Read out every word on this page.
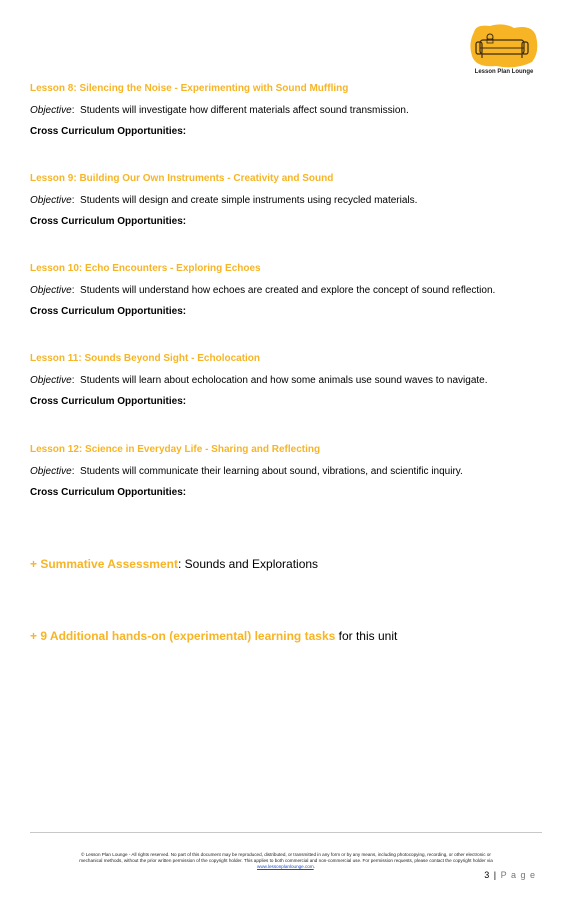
Lesson Plan Lounge
Lesson 8: Silencing the Noise - Experimenting with Sound Muffling
Objective:  Students will investigate how different materials affect sound transmission.
Cross Curriculum Opportunities:
Lesson 9: Building Our Own Instruments - Creativity and Sound
Objective:  Students will design and create simple instruments using recycled materials.
Cross Curriculum Opportunities:
Lesson 10: Echo Encounters - Exploring Echoes
Objective:  Students will understand how echoes are created and explore the concept of sound reflection.
Cross Curriculum Opportunities:
Lesson 11: Sounds Beyond Sight - Echolocation
Objective:  Students will learn about echolocation and how some animals use sound waves to navigate.
Cross Curriculum Opportunities:
Lesson 12: Science in Everyday Life - Sharing and Reflecting
Objective:  Students will communicate their learning about sound, vibrations, and scientific inquiry.
Cross Curriculum Opportunities:
+ Summative Assessment: Sounds and Explorations
+ 9 Additional hands-on (experimental) learning tasks for this unit
© Lesson Plan Lounge - All rights reserved. No part of this document may be reproduced, distributed, or transmitted in any form or by any means, including photocopying, recording, or other electronic or
mechanical methods, without the prior written permission of the copyright holder. This applies to both commercial and non-commercial use. For permission requests, please contact the copyright holder via
www.lessonplanlounge.com.
3 | P a g e
